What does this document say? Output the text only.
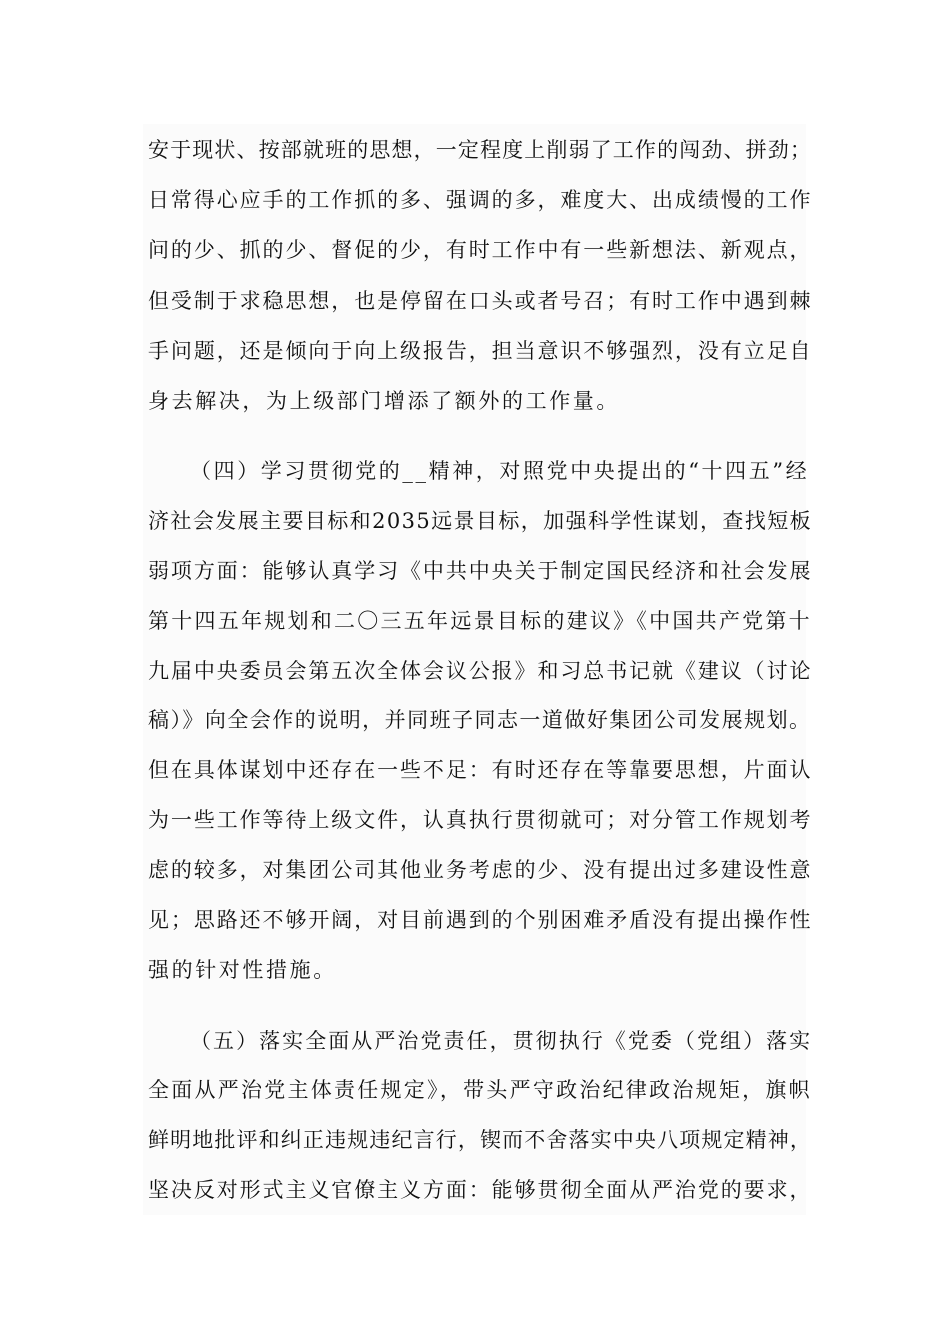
安于现状、按部就班的思想，一定程度上削弱了工作的闯劲、拼劲；
日常得心应手的工作抓的多、强调的多，难度大、出成绩慢的工作
问的少、抓的少、督促的少，有时工作中有一些新想法、新观点，
但受制于求稳思想，也是停留在口头或者号召；有时工作中遇到棘
手问题，还是倾向于向上级报告，担当意识不够强烈，没有立足自
身去解决，为上级部门增添了额外的工作量。
（四）学习贯彻党的__精神，对照党中央提出的“十四五”经
济社会发展主要目标和2035远景目标，加强科学性谋划，查找短板
弱项方面：能够认真学习《中共中央关于制定国民经济和社会发展
第十四五年规划和二〇三五年远景目标的建议》《中国共产党第十
九届中央委员会第五次全体会议公报》和习总书记就《建议（讨论
稿）》向全会作的说明，并同班子同志一道做好集团公司发展规划。
但在具体谋划中还存在一些不足：有时还存在等靠要思想，片面认
为一些工作等待上级文件，认真执行贯彻就可；对分管工作规划考
虑的较多，对集团公司其他业务考虑的少、没有提出过多建设性意
见；思路还不够开阔，对目前遇到的个别困难矛盾没有提出操作性
强的针对性措施。
（五）落实全面从严治党责任，贯彻执行《党委（党组）落实
全面从严治党主体责任规定》，带头严守政治纪律政治规矩，旗帜
鲜明地批评和纠正违规违纪言行，锲而不舍落实中央八项规定精神，
坚决反对形式主义官僚主义方面：能够贯彻全面从严治党的要求，
